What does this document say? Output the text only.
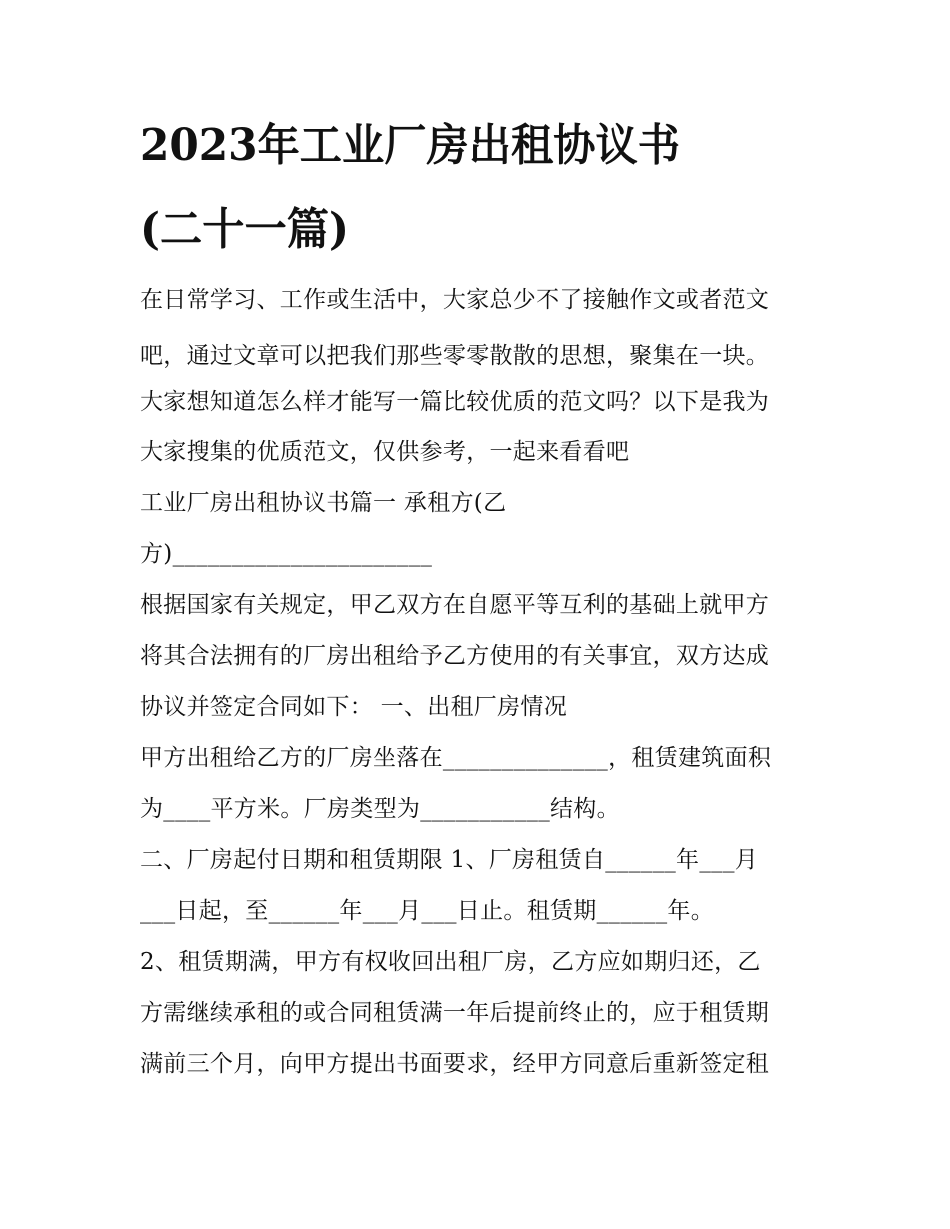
2023年工业厂房出租协议书
(二十一篇)
在日常学习、工作或生活中，大家总少不了接触作文或者范文
吧，通过文章可以把我们那些零零散散的思想，聚集在一块。
大家想知道怎么样才能写一篇比较优质的范文吗？以下是我为
大家搜集的优质范文，仅供参考，一起来看看吧
工业厂房出租协议书篇一 承租方(乙
方)______________________
根据国家有关规定，甲乙双方在自愿平等互利的基础上就甲方
将其合法拥有的厂房出租给予乙方使用的有关事宜，双方达成
协议并签定合同如下： 一、出租厂房情况
甲方出租给乙方的厂房坐落在______________，租赁建筑面积
为____平方米。厂房类型为___________结构。
二、厂房起付日期和租赁期限 1、厂房租赁自______年___月
___日起，至______年___月___日止。租赁期______年。
2、租赁期满，甲方有权收回出租厂房，乙方应如期归还，乙
方需继续承租的或合同租赁满一年后提前终止的，应于租赁期
满前三个月，向甲方提出书面要求，经甲方同意后重新签定租
